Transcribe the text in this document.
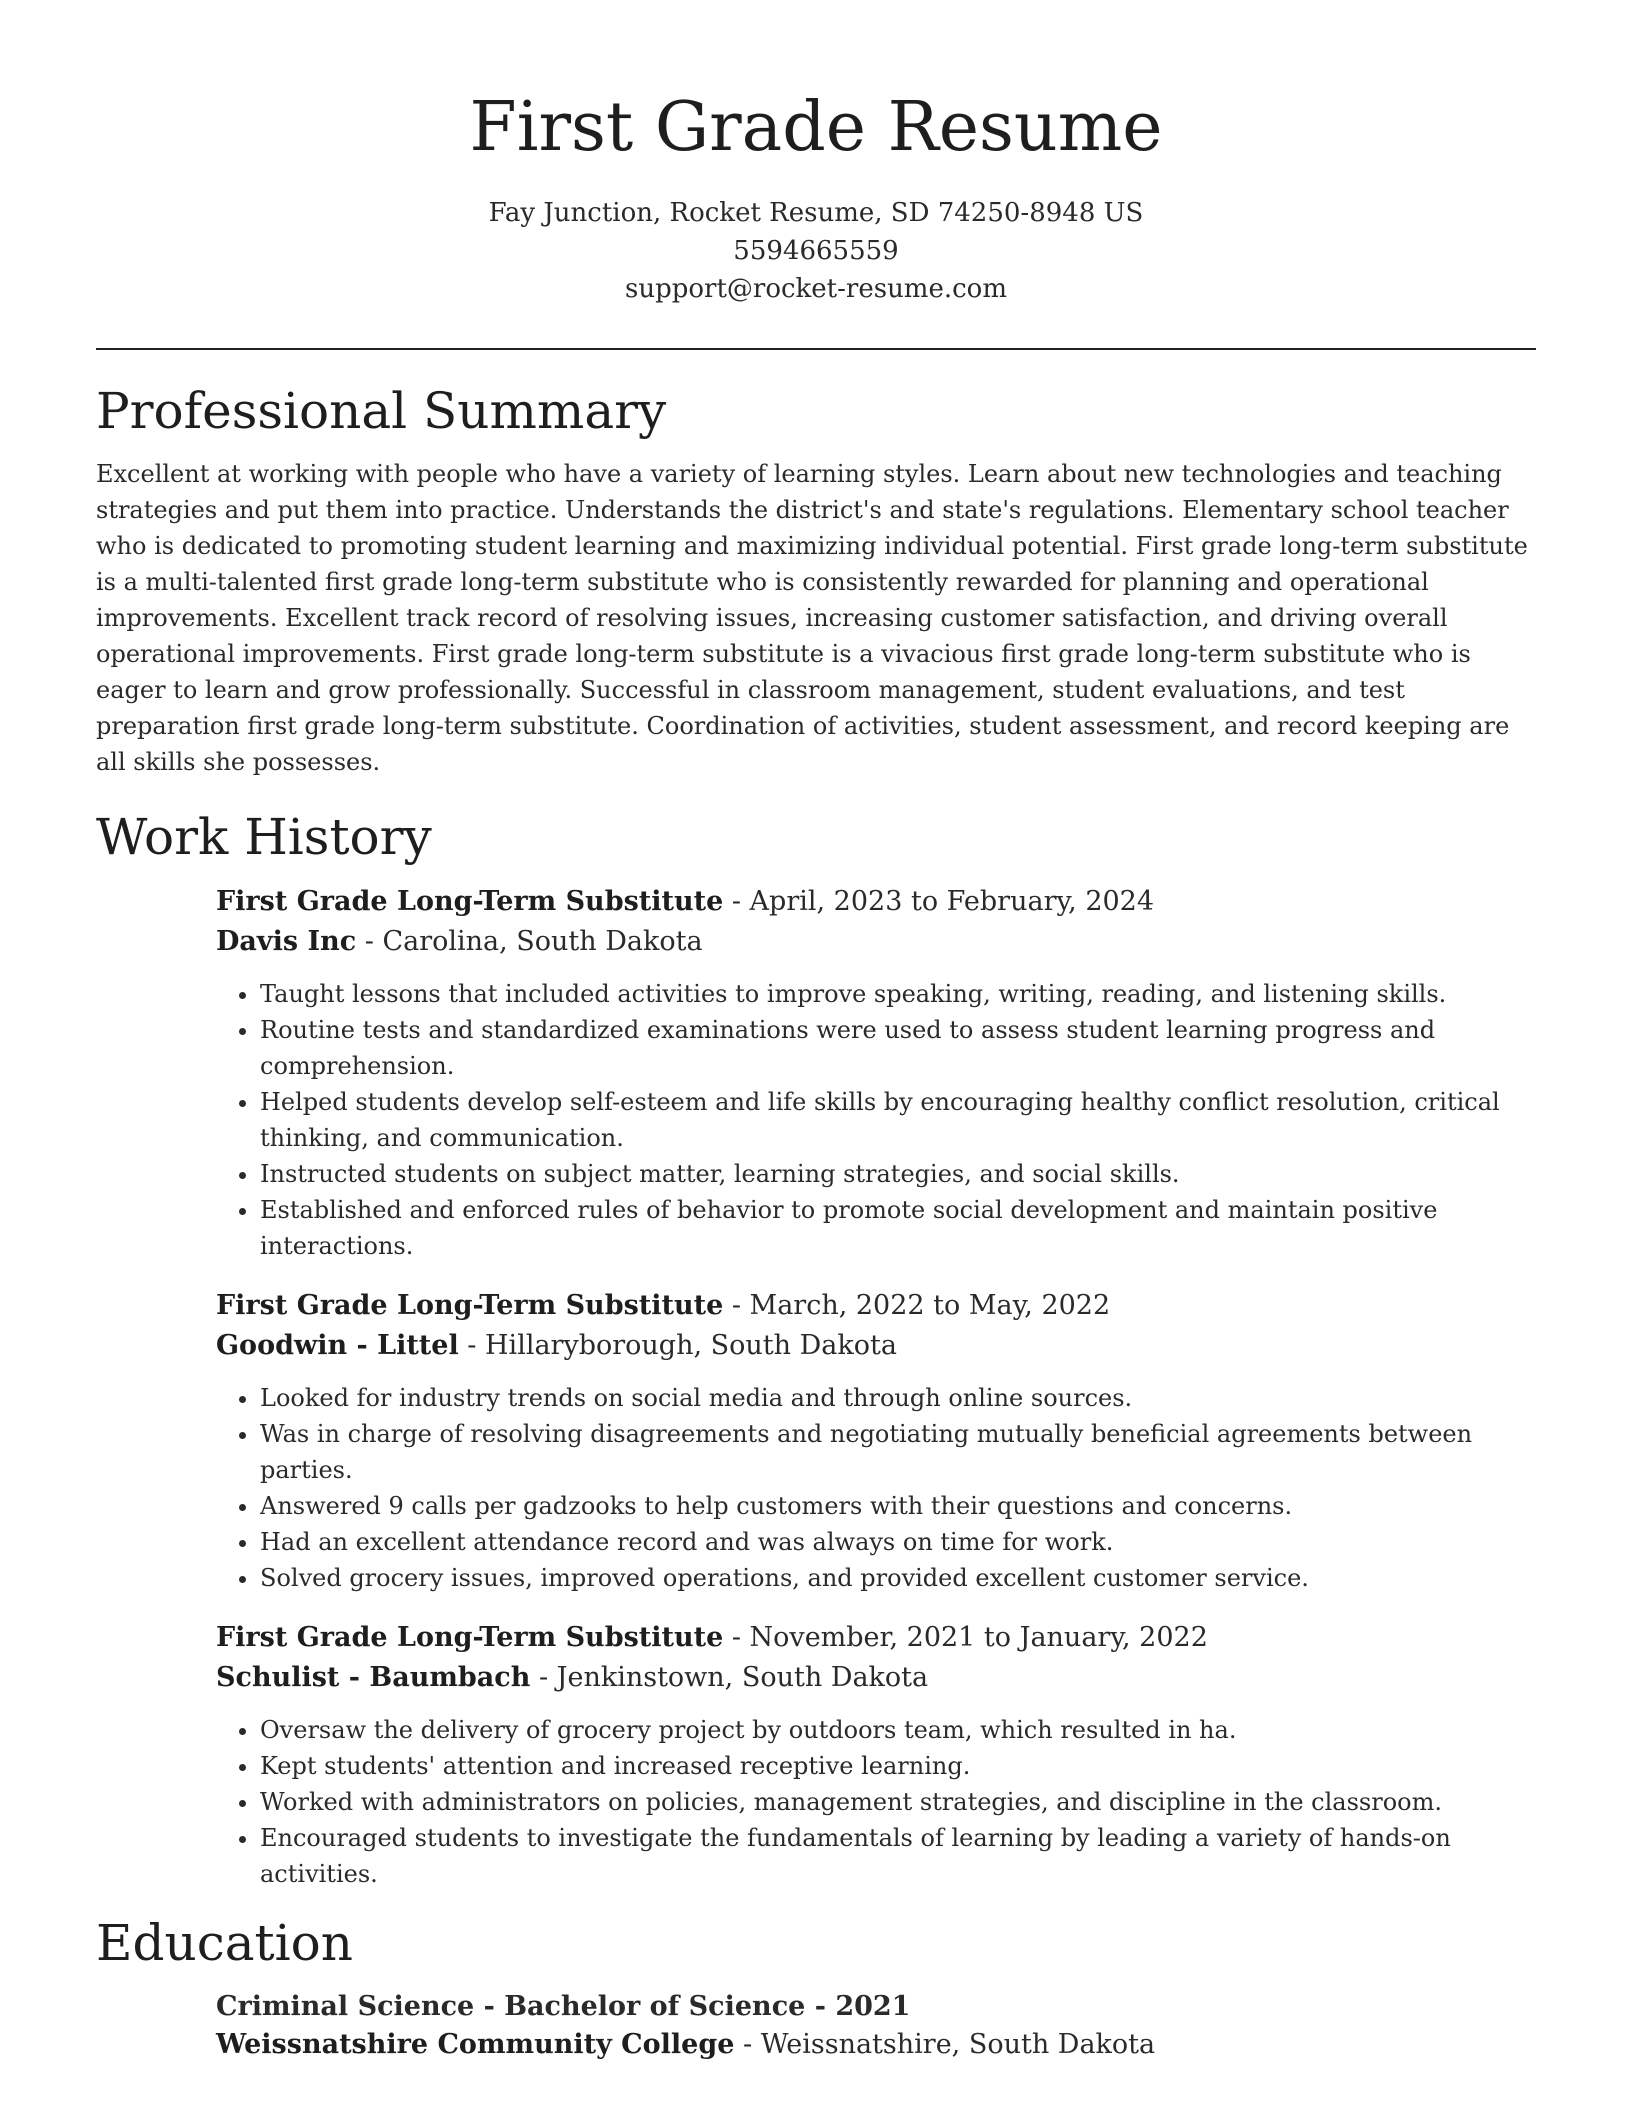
First Grade Resume
Fay Junction, Rocket Resume, SD 74250-8948 US
5594665559
support@rocket-resume.com
Professional Summary

Excellent at working with people who have a variety of learning styles. Learn about new technologies and teaching strategies and put them into practice. Understands the district's and state's regulations. Elementary school teacher who is dedicated to promoting student learning and maximizing individual potential. First grade long-term substitute is a multi-talented first grade long-term substitute who is consistently rewarded for planning and operational improvements. Excellent track record of resolving issues, increasing customer satisfaction, and driving overall operational improvements. First grade long-term substitute is a vivacious first grade long-term substitute who is eager to learn and grow professionally. Successful in classroom management, student evaluations, and test preparation first grade long-term substitute. Coordination of activities, student assessment, and record keeping are all skills she possesses.

Work History
First Grade Long-Term Substitute - April, 2023 to February, 2024
Davis Inc - Carolina, South Dakota
• Taught lessons that included activities to improve speaking, writing, reading, and listening skills.
• Routine tests and standardized examinations were used to assess student learning progress and comprehension.
• Helped students develop self-esteem and life skills by encouraging healthy conflict resolution, critical thinking, and communication.
• Instructed students on subject matter, learning strategies, and social skills.
• Established and enforced rules of behavior to promote social development and maintain positive interactions.
First Grade Long-Term Substitute - March, 2022 to May, 2022
Goodwin - Littel - Hillaryborough, South Dakota
• Looked for industry trends on social media and through online sources.
• Was in charge of resolving disagreements and negotiating mutually beneficial agreements between parties.
• Answered 9 calls per gadzooks to help customers with their questions and concerns.
• Had an excellent attendance record and was always on time for work.
• Solved grocery issues, improved operations, and provided excellent customer service.
First Grade Long-Term Substitute - November, 2021 to January, 2022
Schulist - Baumbach - Jenkinstown, South Dakota
• Oversaw the delivery of grocery project by outdoors team, which resulted in ha.
• Kept students' attention and increased receptive learning.
• Worked with administrators on policies, management strategies, and discipline in the classroom.
• Encouraged students to investigate the fundamentals of learning by leading a variety of hands-on activities.
Education
Criminal Science - Bachelor of Science - 2021
Weissnatshire Community College - Weissnatshire, South Dakota
